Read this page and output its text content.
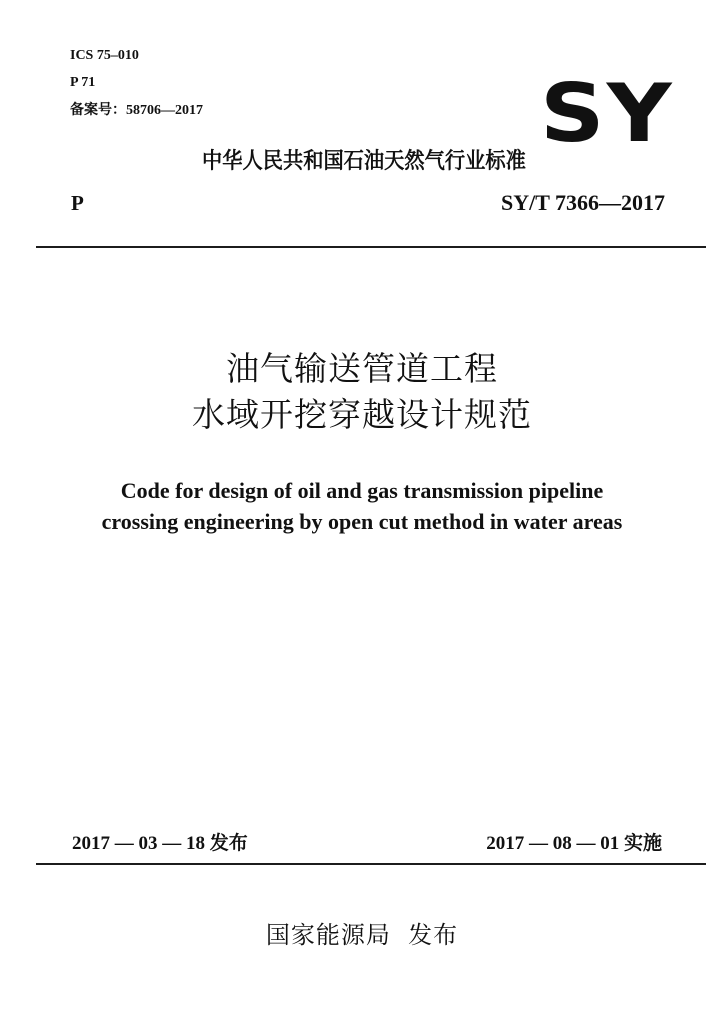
ICS 75–010
P 71
备案号：58706—2017	SY
中华人民共和国石油天然气行业标准
P	SY/T 7366—2017
油气输送管道工程
水域开挖穿越设计规范
Code for design of oil and gas transmission pipeline
crossing engineering by open cut method in water areas
2017 — 03 — 18 发布	2017 — 08 — 01 实施
国家能源局  发布
